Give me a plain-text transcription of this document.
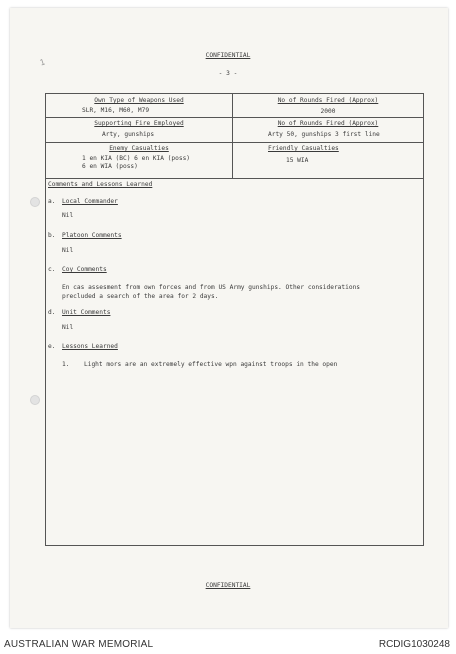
1
CONFIDENTIAL
- 3 -
Own Type of Weapons Used
SLR, M16, M60, M79
No of Rounds Fired (Approx)
2000
Supporting Fire Employed
Arty, gunships
No of Rounds Fired (Approx)
Arty 50, gunships 3 first line
Enemy Casualties
1 en KIA (BC) 6 en KIA (poss)
6 en WIA (poss)
Friendly Casualties
15 WIA
Comments and Lessons Learned
a. Local Commander
Nil
b. Platoon Comments
Nil
c. Coy Comments
En cas assesment from own forces and from US Army gunships. Other considerations
precluded a search of the area for 2 days.
d. Unit Comments
Nil
e. Lessons Learned
1. Light mors are an extremely effective wpn against troops in the open
CONFIDENTIAL
AUSTRALIAN WAR MEMORIAL	RCDIG1030248
